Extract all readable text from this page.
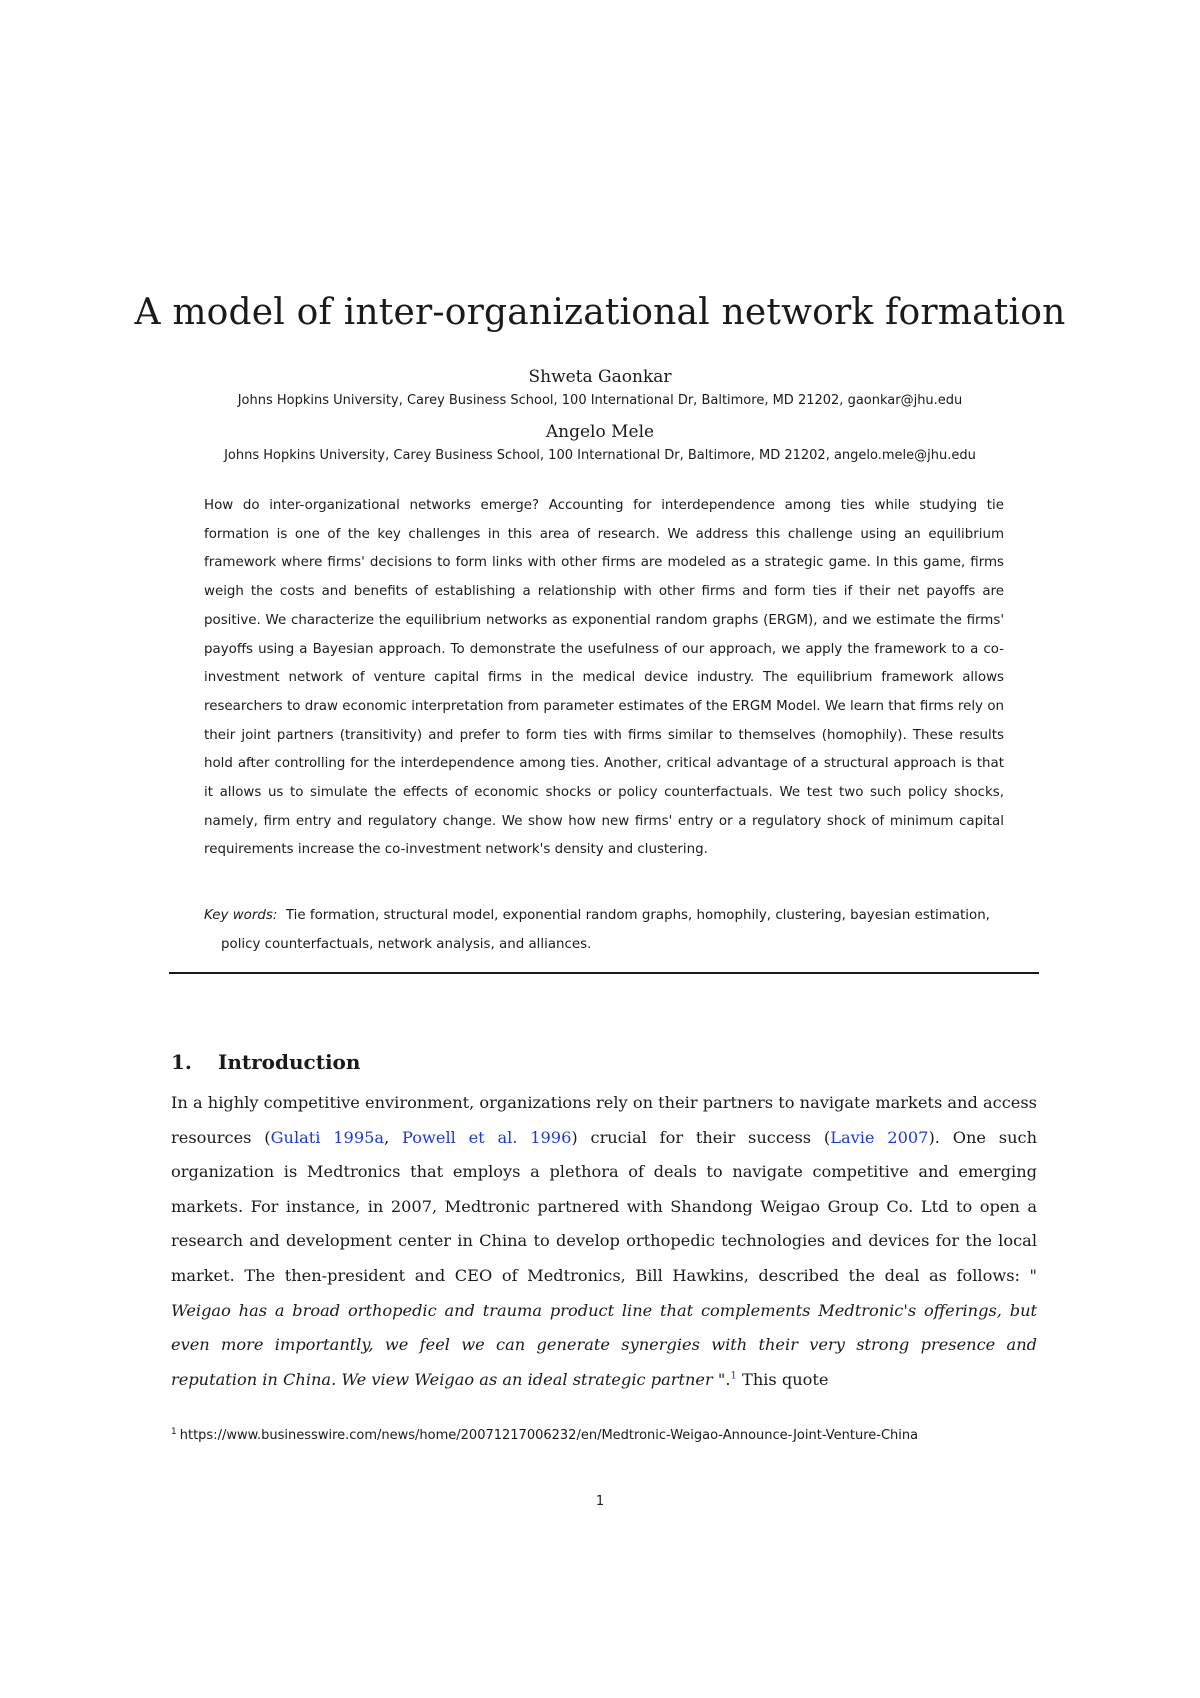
A model of inter-organizational network formation
Shweta Gaonkar
Johns Hopkins University, Carey Business School, 100 International Dr, Baltimore, MD 21202, gaonkar@jhu.edu
Angelo Mele
Johns Hopkins University, Carey Business School, 100 International Dr, Baltimore, MD 21202, angelo.mele@jhu.edu

How do inter-organizational networks emerge? Accounting for interdependence among ties while studying tie formation is one of the key challenges in this area of research. We address this challenge using an equilibrium framework where firms' decisions to form links with other firms are modeled as a strategic game. In this game, firms weigh the costs and benefits of establishing a relationship with other firms and form ties if their net payoffs are positive. We characterize the equilibrium networks as exponential random graphs (ERGM), and we estimate the firms' payoffs using a Bayesian approach. To demonstrate the usefulness of our approach, we apply the framework to a co-investment network of venture capital firms in the medical device industry. The equilibrium framework allows researchers to draw economic interpretation from parameter estimates of the ERGM Model. We learn that firms rely on their joint partners (transitivity) and prefer to form ties with firms similar to themselves (homophily). These results hold after controlling for the interdependence among ties. Another, critical advantage of a structural approach is that it allows us to simulate the effects of economic shocks or policy counterfactuals. We test two such policy shocks, namely, firm entry and regulatory change. We show how new firms' entry or a regulatory shock of minimum capital requirements increase the co-investment network's density and clustering.

Key words: Tie formation, structural model, exponential random graphs, homophily, clustering, bayesian estimation, policy counterfactuals, network analysis, and alliances.

1. Introduction

In a highly competitive environment, organizations rely on their partners to navigate markets and access resources (Gulati 1995a, Powell et al. 1996) crucial for their success (Lavie 2007). One such organization is Medtronics that employs a plethora of deals to navigate competitive and emerging markets. For instance, in 2007, Medtronic partnered with Shandong Weigao Group Co. Ltd to open a research and development center in China to develop orthopedic technologies and devices for the local market. The then-president and CEO of Medtronics, Bill Hawkins, described the deal as follows: " Weigao has a broad orthopedic and trauma product line that complements Medtronic's offerings, but even more importantly, we feel we can generate synergies with their very strong presence and reputation in China. We view Weigao as an ideal strategic partner ".$^1$ This quote

$^1$ https://www.businesswire.com/news/home/20071217006232/en/Medtronic-Weigao-Announce-Joint-Venture-China

1
